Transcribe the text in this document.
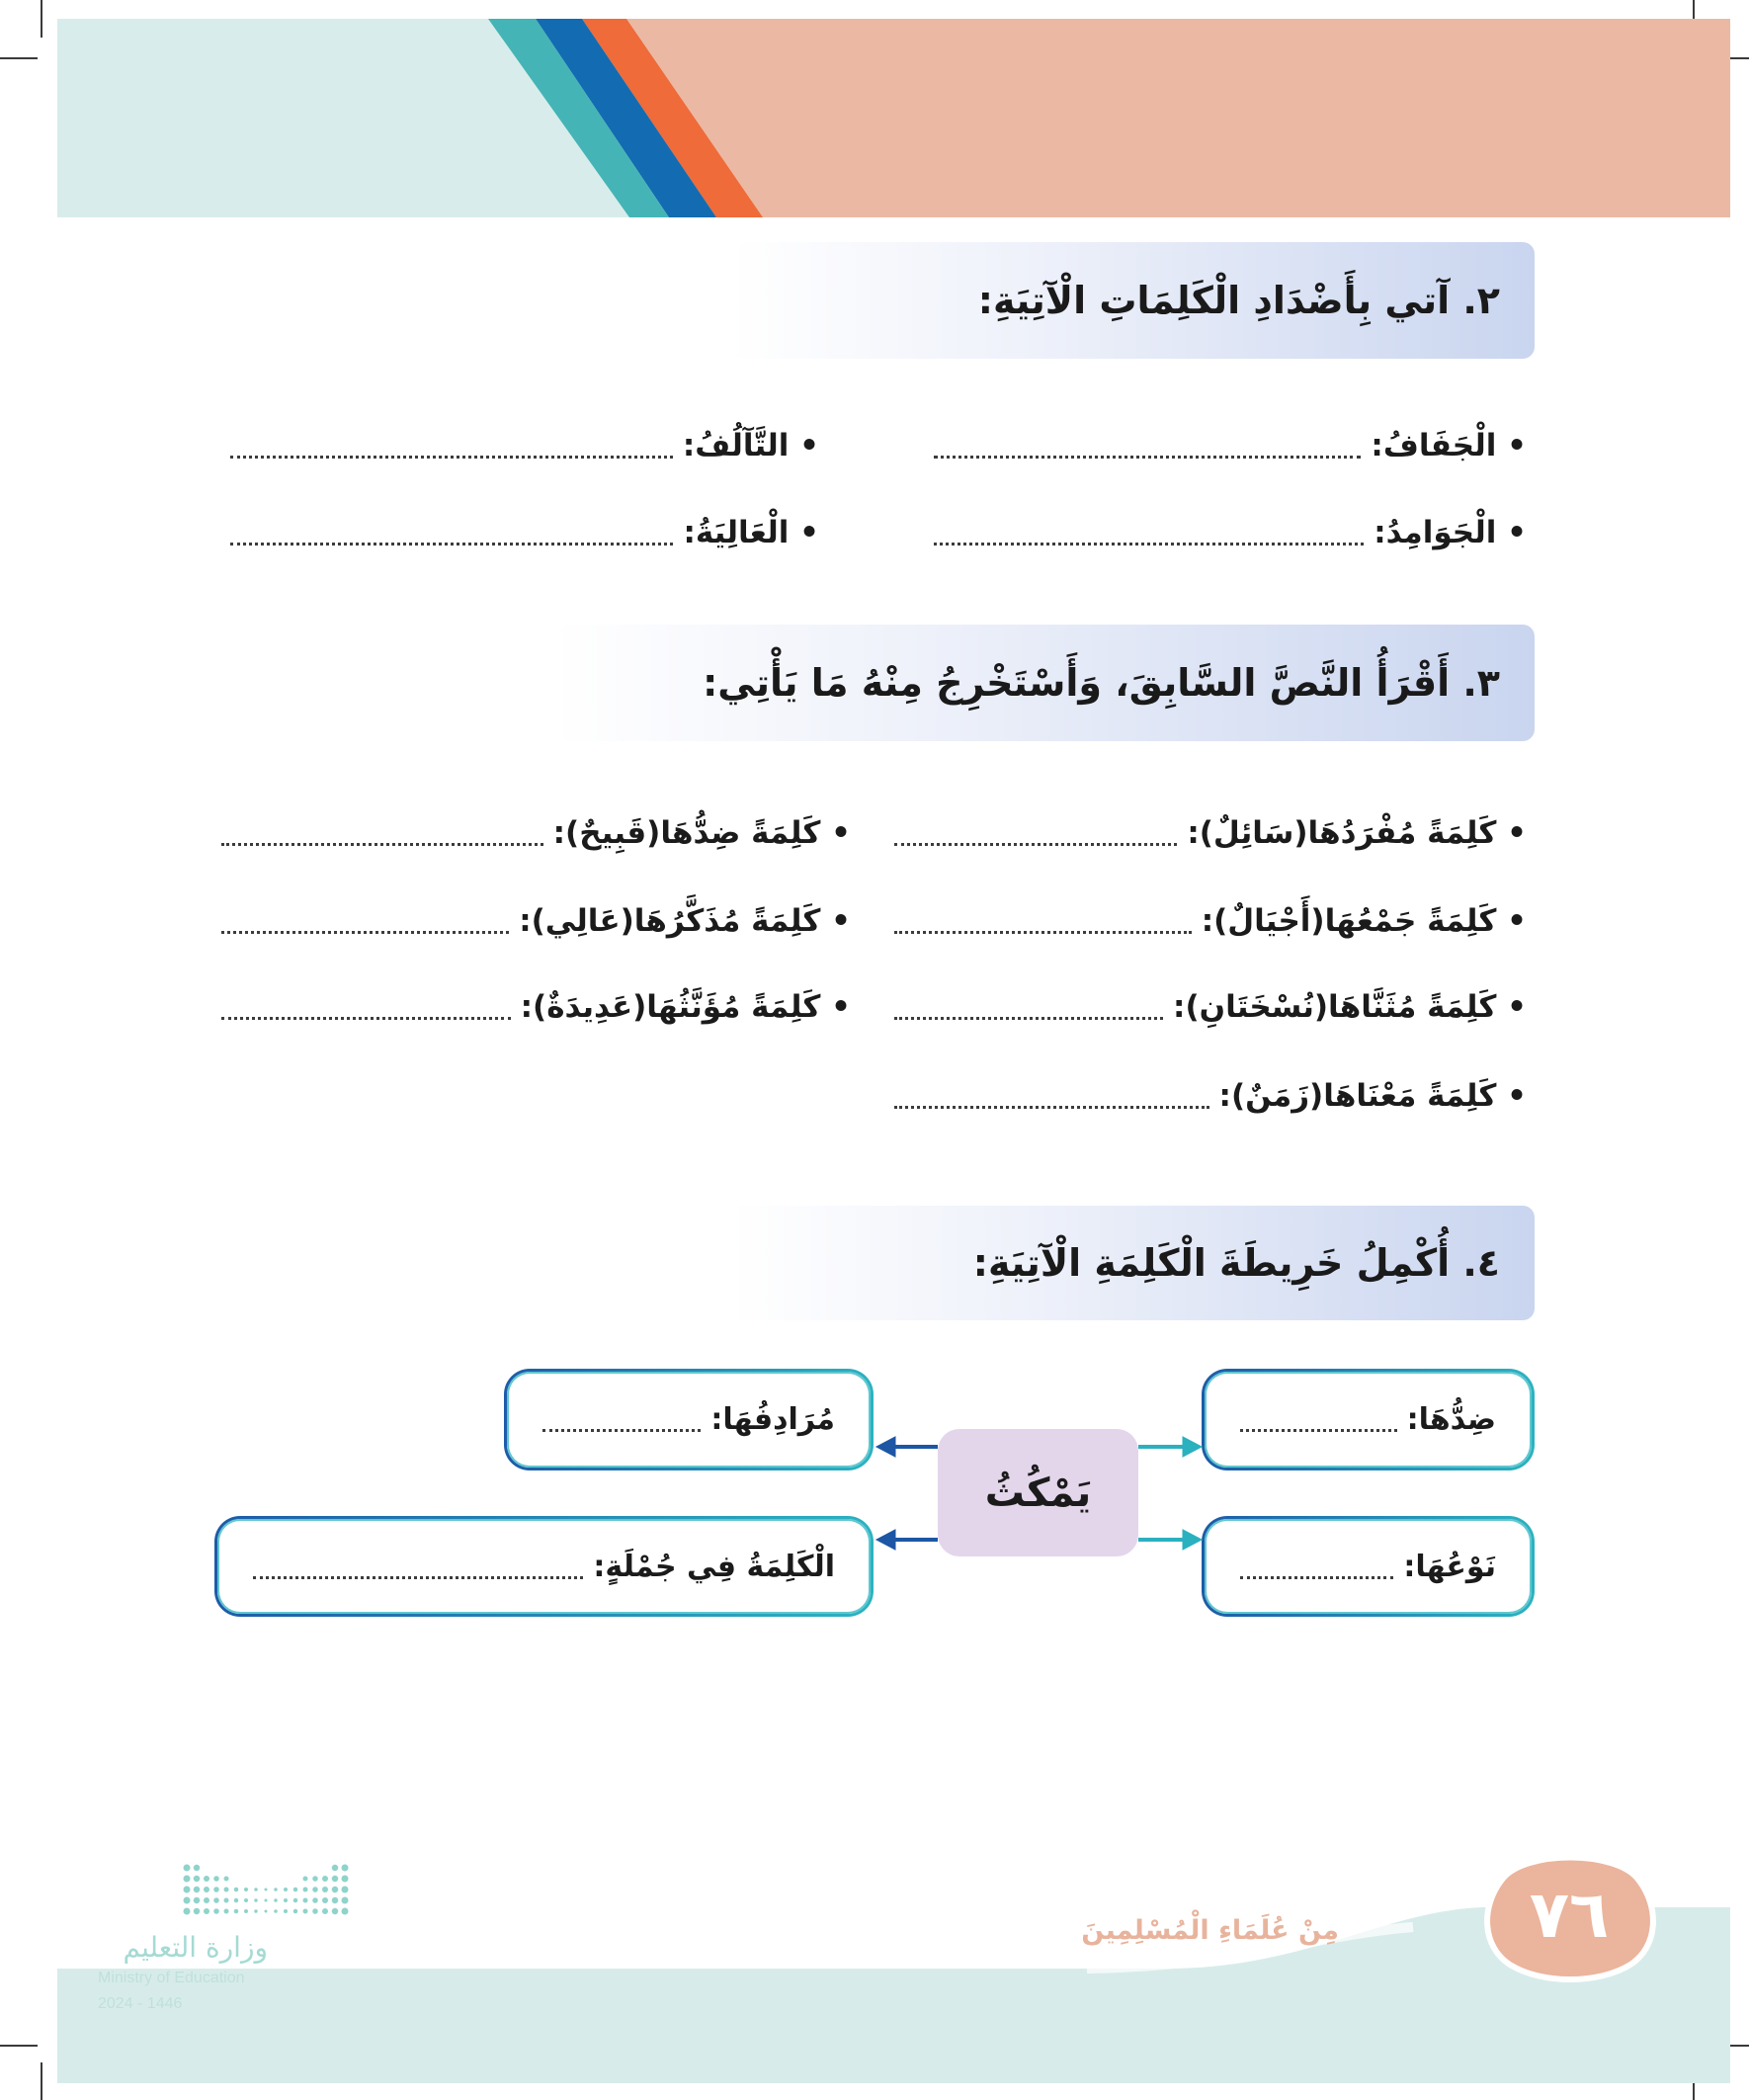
٢. آتي بِأَضْدَادِ الْكَلِمَاتِ الْآتِيَةِ:
• الْجَفَافُ:
• التَّآلُفُ:
• الْجَوَامِدُ:
• الْعَالِيَةُ:
٣. أَقْرَأُ النَّصَّ السَّابِقَ، وَأَسْتَخْرِجُ مِنْهُ مَا يَأْتِي:
• كَلِمَةً مُفْرَدُهَا(سَائِلٌ):
• كَلِمَةً ضِدُّهَا(قَبِيحٌ):
• كَلِمَةً جَمْعُهَا(أَجْيَالٌ):
• كَلِمَةً مُذَكَّرُهَا(عَالِي):
• كَلِمَةً مُثَنَّاهَا(نُسْخَتَانِ):
• كَلِمَةً مُؤَنَّثُهَا(عَدِيدَةٌ):
• كَلِمَةً مَعْنَاهَا(زَمَنٌ):
٤. أُكْمِلُ خَرِيطَةَ الْكَلِمَةِ الْآتِيَةِ:
ضِدُّهَا:
نَوْعُهَا:
مُرَادِفُهَا:
الْكَلِمَةُ فِي جُمْلَةٍ:
يَمْكُثُ
٧٦
مِنْ عُلَمَاءِ الْمُسْلِمِينَ
وزارة التعليم
Ministry of Education
2024 - 1446
